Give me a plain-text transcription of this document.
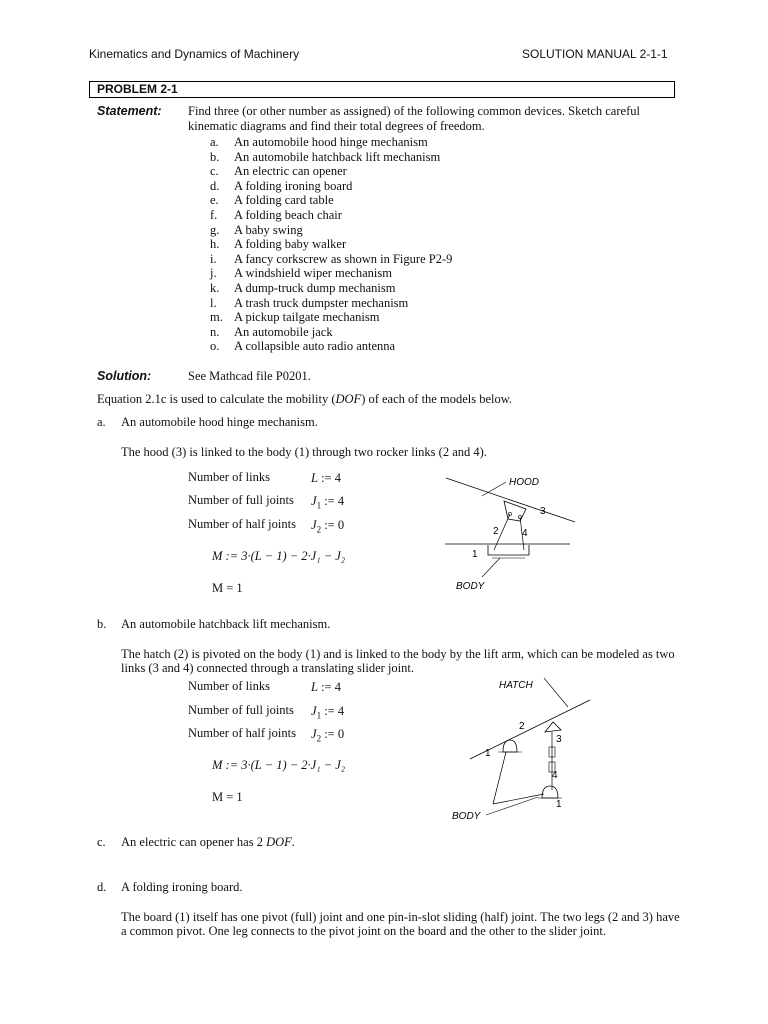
Kinematics and Dynamics of Machinery	SOLUTION MANUAL 2-1-1
PROBLEM 2-1
Statement: Find three (or other number as assigned) of the following common devices. Sketch careful
kinematic diagrams and find their total degrees of freedom.
a. An automobile hood hinge mechanism
b. An automobile hatchback lift mechanism
c. An electric can opener
d. A folding ironing board
e. A folding card table
f. A folding beach chair
g. A baby swing
h. A folding baby walker
i. A fancy corkscrew as shown in Figure P2-9
j. A windshield wiper mechanism
k. A dump-truck dump mechanism
l. A trash truck dumpster mechanism
m. A pickup tailgate mechanism
n. An automobile jack
o. A collapsible auto radio antenna
Solution:	See Mathcad file P0201.
Equation 2.1c is used to calculate the mobility (DOF) of each of the models below.
a. An automobile hood hinge mechanism.
The hood (3) is linked to the body (1) through two rocker links (2 and 4).
Number of links	L := 4
Number of full joints $J_1$ := 4
Number of half joints $J_2$ := 0
M := 3·(L − 1) − 2·J₁ − J₂
M = 1
HOOD
BODY
1
2
3
4
b. An automobile hatchback lift mechanism.
The hatch (2) is pivoted on the body (1) and is linked to the body by the lift arm, which can be modeled as two
links (3 and 4) connected through a translating slider joint.
Number of links	L := 4
Number of full joints $J_1$ := 4
Number of half joints $J_2$ := 0
M := 3·(L − 1) − 2·J₁ − J₂
M = 1
HATCH
BODY
1
2
3
4
1
c. An electric can opener has 2 DOF.
d. A folding ironing board.
The board (1) itself has one pivot (full) joint and one pin-in-slot sliding (half) joint. The two legs (2 and 3) have
a common pivot. One leg connects to the pivot joint on the board and the other to the slider joint.
